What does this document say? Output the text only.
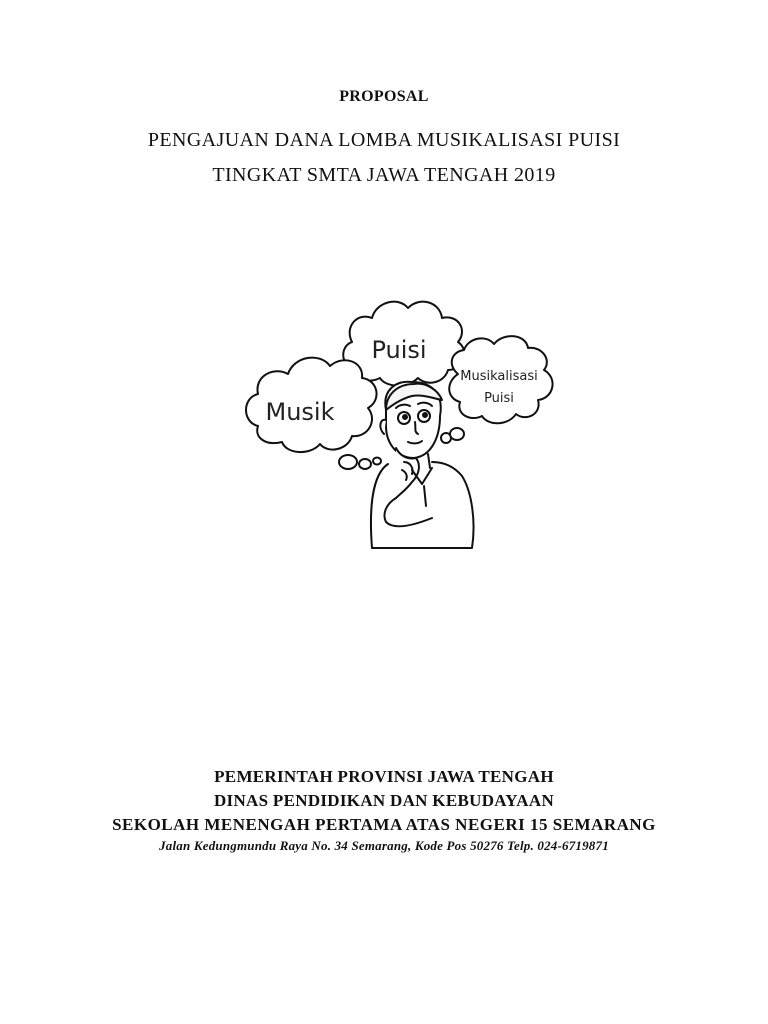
PROPOSAL
PENGAJUAN DANA LOMBA MUSIKALISASI PUISI
TINGKAT SMTA JAWA TENGAH 2019
Puisi
Musik
Musikalisasi
Puisi
PEMERINTAH PROVINSI JAWA TENGAH
DINAS PENDIDIKAN DAN KEBUDAYAAN
SEKOLAH MENENGAH PERTAMA ATAS NEGERI 15 SEMARANG
Jalan Kedungmundu Raya No. 34 Semarang, Kode Pos 50276 Telp. 024-6719871
